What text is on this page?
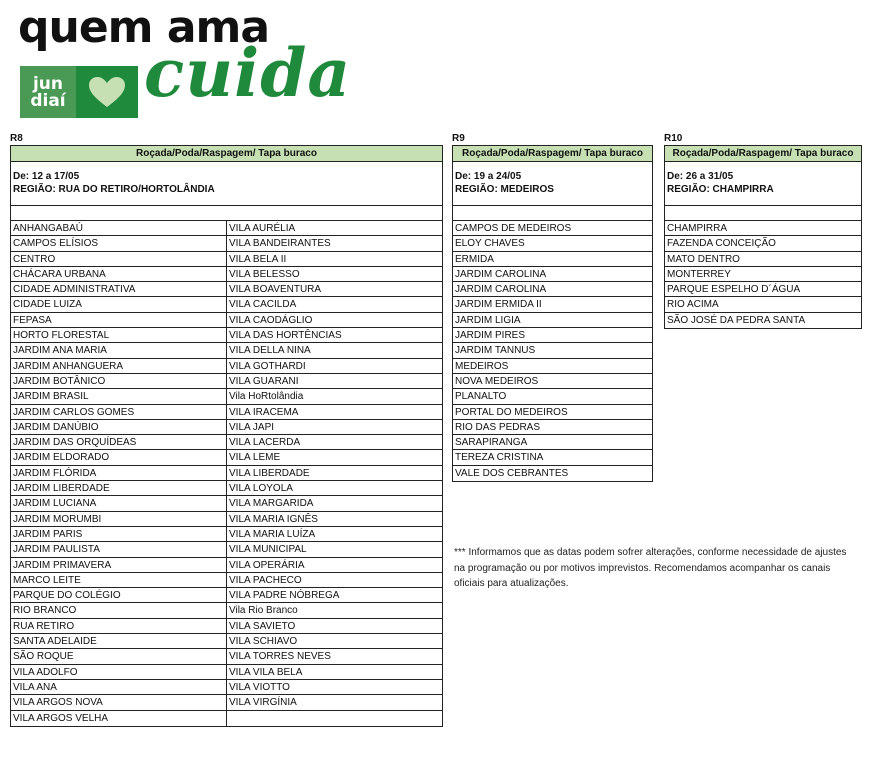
quem ama
jun
diaí cuida
R8
Roçada/Poda/Raspagem/ Tapa buraco
De: 12 a 17/05
REGIÃO: RUA DO RETIRO/HORTOLÂNDIA
ANHANGABAÚ
CAMPOS ELÍSIOS
CENTRO
CHÁCARA URBANA
CIDADE ADMINISTRATIVA
CIDADE LUIZA
FEPASA
HORTO FLORESTAL
JARDIM ANA MARIA
JARDIM ANHANGUERA
JARDIM BOTÂNICO
JARDIM BRASIL
JARDIM CARLOS GOMES
JARDIM DANÚBIO
JARDIM DAS ORQUÍDEAS
JARDIM ELDORADO
JARDIM FLÓRIDA
JARDIM LIBERDADE
JARDIM LUCIANA
JARDIM MORUMBI
JARDIM PARIS
JARDIM PAULISTA
JARDIM PRIMAVERA
MARCO LEITE
PARQUE DO COLÉGIO
RIO BRANCO
RUA RETIRO
SANTA ADELAIDE
SÃO ROQUE
VILA ADOLFO
VILA ANA
VILA ARGOS NOVA
VILA ARGOS VELHA
VILA AURÉLIA
VILA BANDEIRANTES
VILA BELA II
VILA BELESSO
VILA BOAVENTURA
VILA CACILDA
VILA CAODÁGLIO
VILA DAS HORTÊNCIAS
VILA DELLA NINA
VILA GOTHARDI
VILA GUARANI
Vila HoRtolândia
VILA IRACEMA
VILA JAPI
VILA LACERDA
VILA LEME
VILA LIBERDADE
VILA LOYOLA
VILA MARGARIDA
VILA MARIA IGNÊS
VILA MARIA LUÍZA
VILA MUNICIPAL
VILA OPERÁRIA
VILA PACHECO
VILA PADRE NÓBREGA
Vila Rio Branco
VILA SAVIETO
VILA SCHIAVO
VILA TORRES NEVES
VILA VILA BELA
VILA VIOTTO
VILA VIRGÍNIA
R9
Roçada/Poda/Raspagem/ Tapa buraco
De: 19 a 24/05
REGIÃO: MEDEIROS
CAMPOS DE MEDEIROS
ELOY CHAVES
ERMIDA
JARDIM CAROLINA
JARDIM CAROLINA
JARDIM ERMIDA II
JARDIM LIGIA
JARDIM PIRES
JARDIM TANNUS
MEDEIROS
NOVA MEDEIROS
PLANALTO
PORTAL DO MEDEIROS
RIO DAS PEDRAS
SARAPIRANGA
TEREZA CRISTINA
VALE DOS CEBRANTES
R10
Roçada/Poda/Raspagem/ Tapa buraco
De: 26 a 31/05
REGIÃO: CHAMPIRRA
CHAMPIRRA
FAZENDA CONCEIÇÃO
MATO DENTRO
MONTERREY
PARQUE ESPELHO D´ÁGUA
RIO ACIMA
SÃO JOSÉ DA PEDRA SANTA
*** Informamos que as datas podem sofrer alterações, conforme necessidade de ajustes na programação ou por motivos imprevistos. Recomendamos acompanhar os canais oficiais para atualizações.
